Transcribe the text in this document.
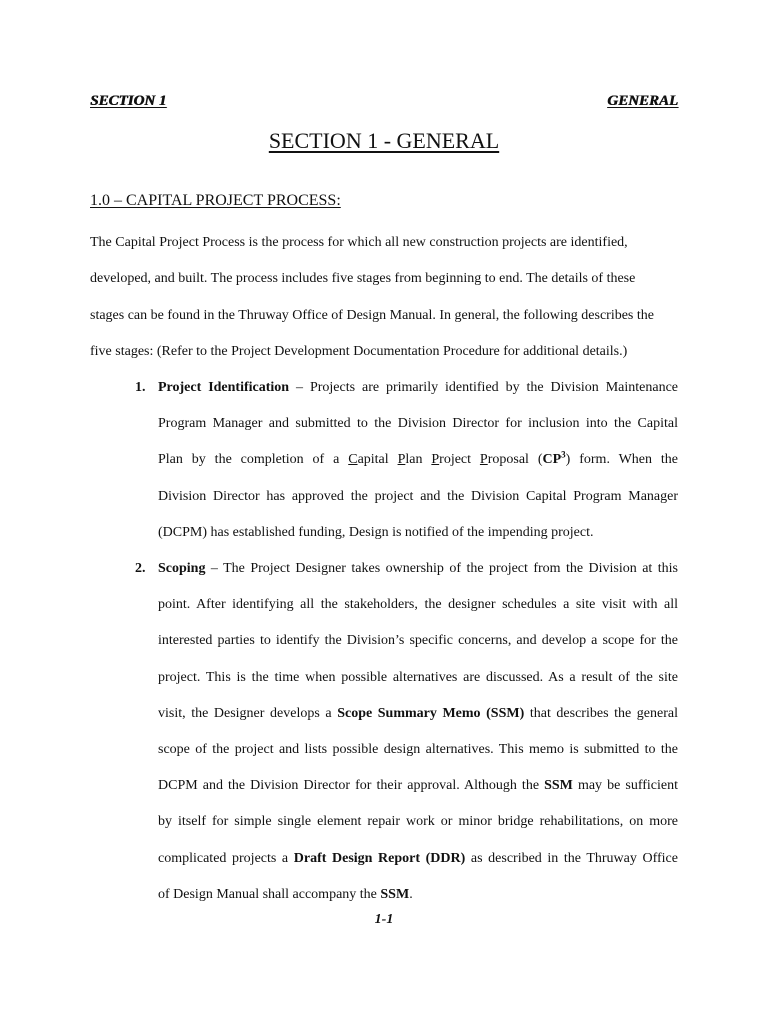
SECTION 1	GENERAL
SECTION 1 - GENERAL
1.0 – CAPITAL PROJECT PROCESS:
The Capital Project Process is the process for which all new construction projects are identified,
developed, and built. The process includes five stages from beginning to end. The details of these
stages can be found in the Thruway Office of Design Manual. In general, the following describes the
five stages: (Refer to the Project Development Documentation Procedure for additional details.)
1. Project Identification – Projects are primarily identified by the Division Maintenance
Program Manager and submitted to the Division Director for inclusion into the Capital
Plan by the completion of a Capital Plan Project Proposal $(CP^3)$ form. When the
Division Director has approved the project and the Division Capital Program Manager
(DCPM) has established funding, Design is notified of the impending project.
2. Scoping – The Project Designer takes ownership of the project from the Division at this
point. After identifying all the stakeholders, the designer schedules a site visit with all
interested parties to identify the Division’s specific concerns, and develop a scope for the
project. This is the time when possible alternatives are discussed. As a result of the site
visit, the Designer develops a Scope Summary Memo (SSM) that describes the general
scope of the project and lists possible design alternatives. This memo is submitted to the
DCPM and the Division Director for their approval. Although the SSM may be sufficient
by itself for simple single element repair work or minor bridge rehabilitations, on more
complicated projects a Draft Design Report (DDR) as described in the Thruway Office
of Design Manual shall accompany the SSM.
1-1
